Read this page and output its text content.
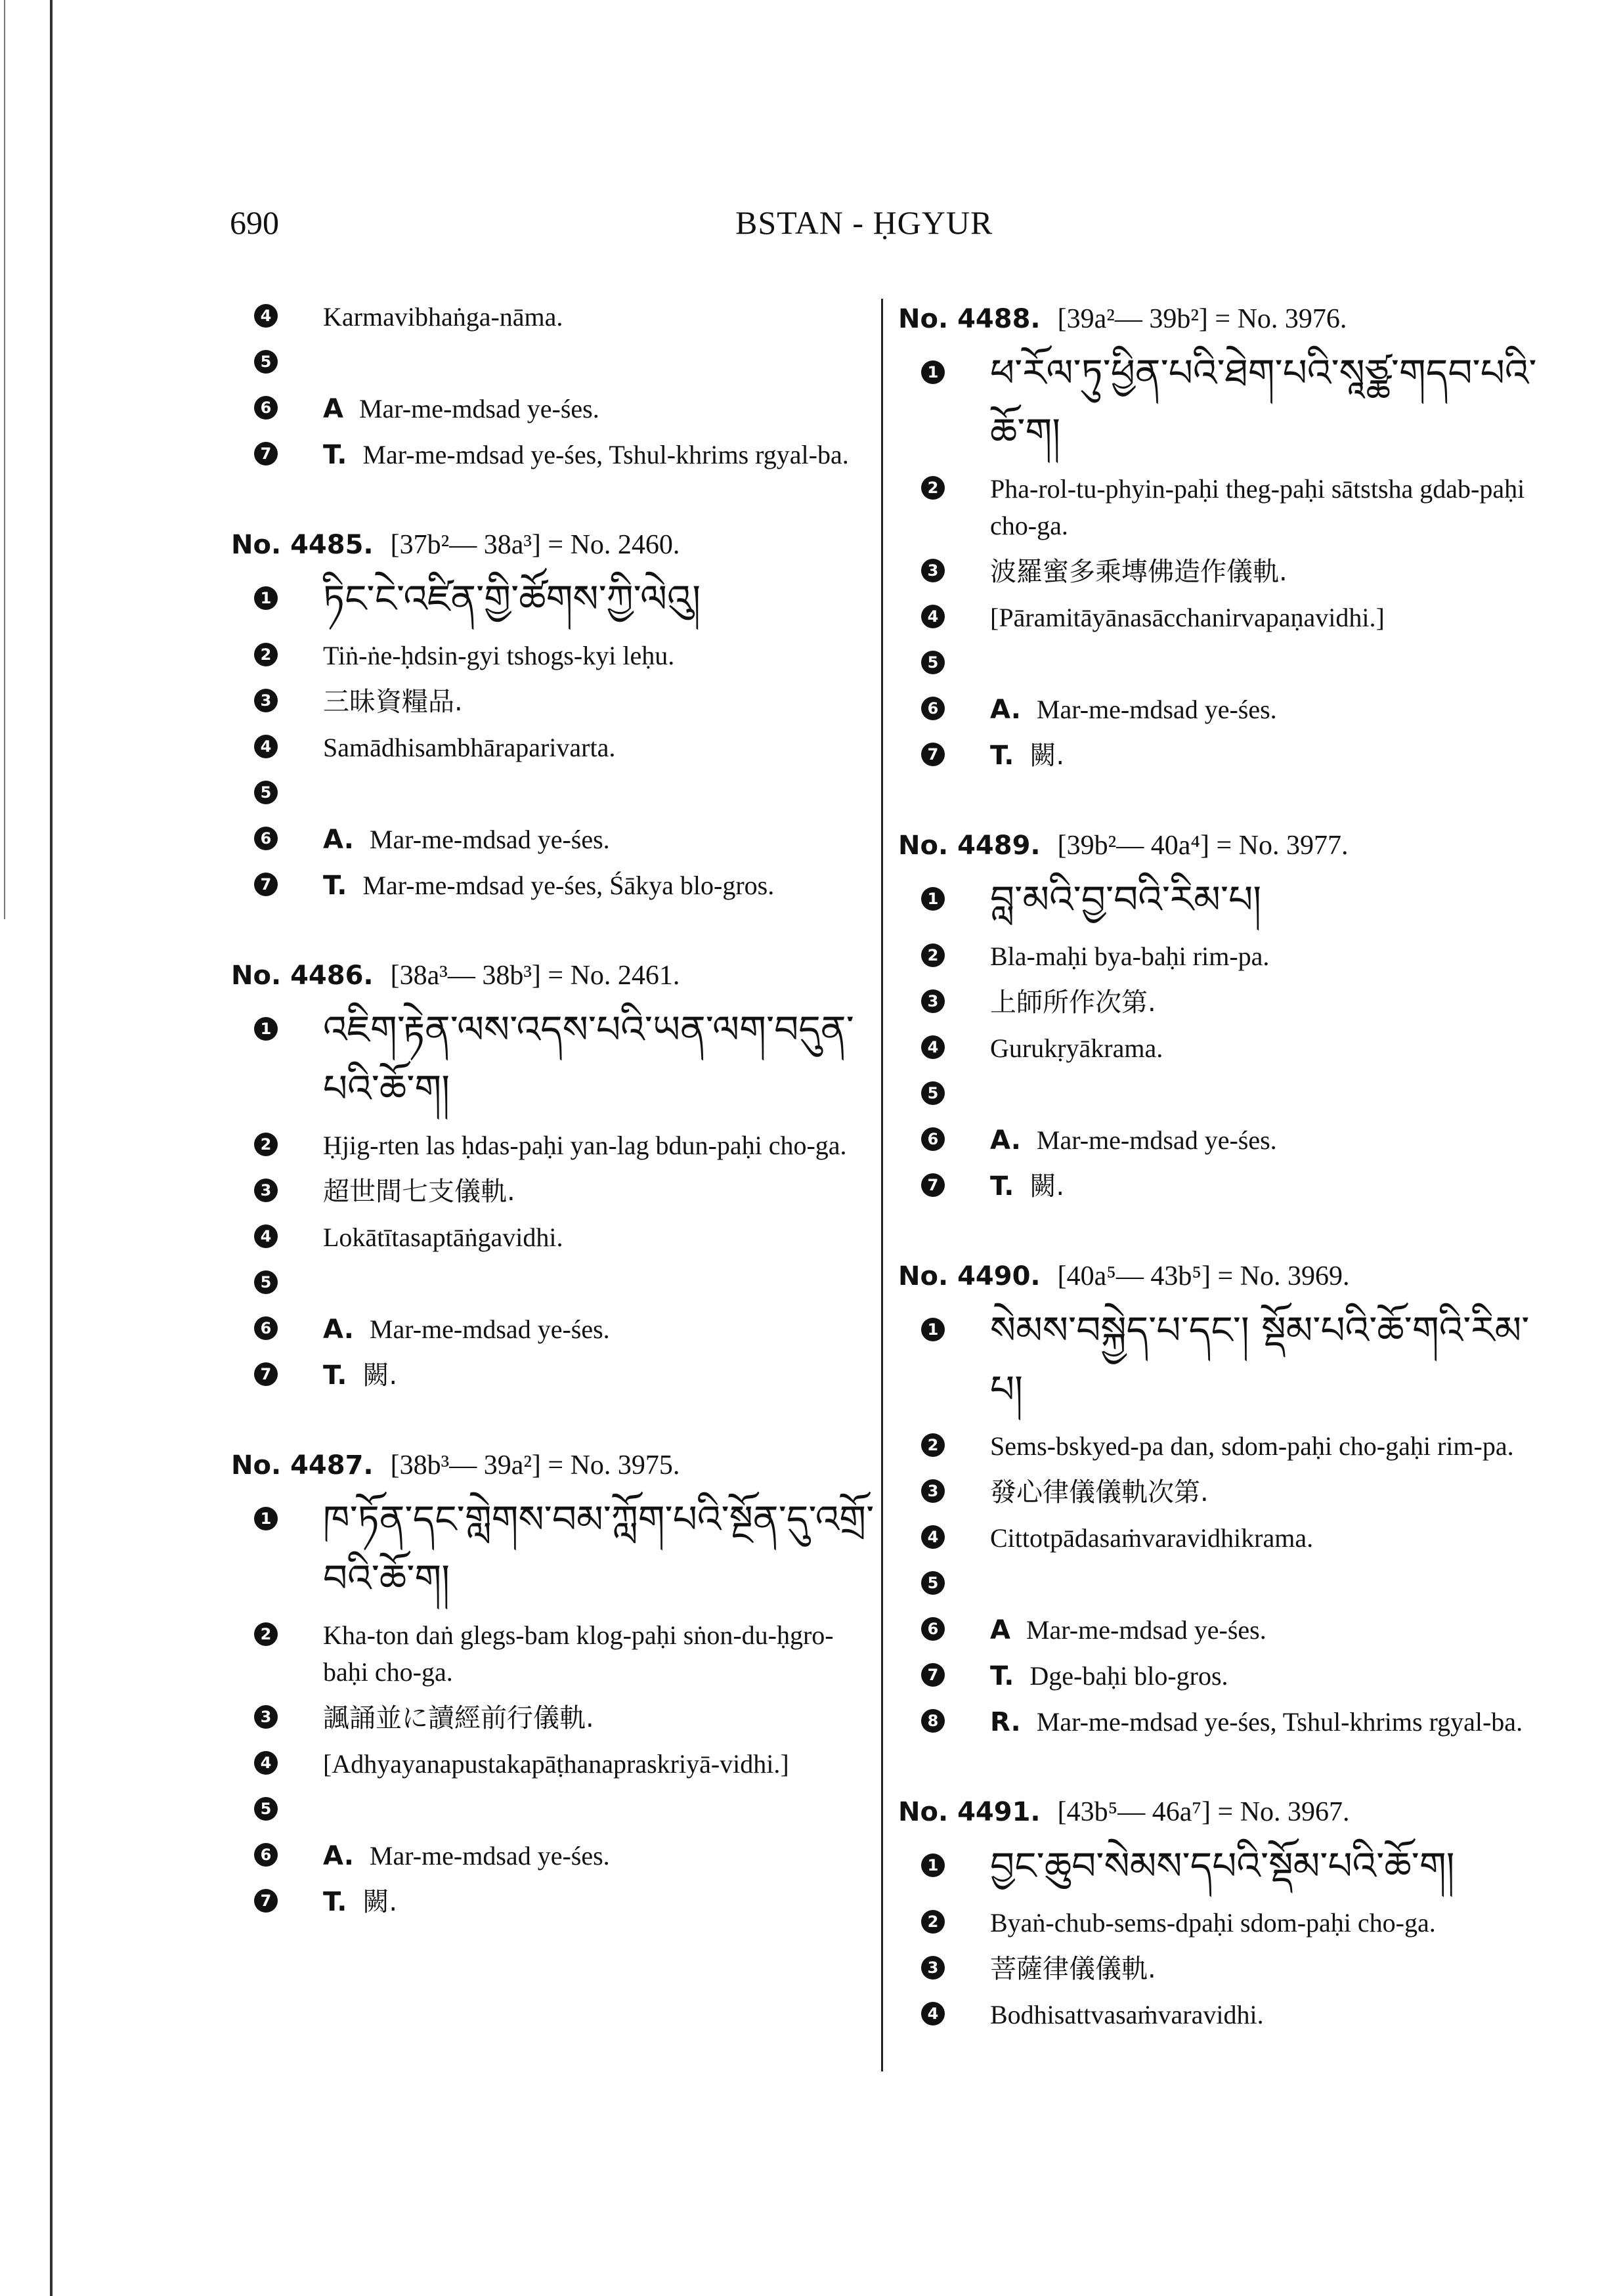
690	BSTAN - ḤGYUR
4 Karmavibhaṅga-nāma.
5
6 A Mar-me-mdsad ye-śes.
7 T. Mar-me-mdsad ye-śes, Tshul-khrims rgyal-ba.
No. 4485. [37b²— 38a³] = No. 2460.
1 ཏིང་ངེ་འཛིན་གྱི་ཚོགས་ཀྱི་ལེའུ།
2 Tiṅ-ṅe-ḥdsin-gyi tshogs-kyi leḥu.
3 三昧資糧品.
4 Samādhisambhāraparivarta.
5
6 A. Mar-me-mdsad ye-śes.
7 T. Mar-me-mdsad ye-śes, Śākya blo-gros.
No. 4486. [38a³— 38b³] = No. 2461.
1 འཇིག་རྟེན་ལས་འདས་པའི་ཡན་ལག་བདུན་པའི་ཆོ་ག།
2 Ḥjig-rten las ḥdas-paḥi yan-lag bdun-paḥi cho-ga.
3 超世間七支儀軌.
4 Lokātītasaptāṅgavidhi.
5
6 A. Mar-me-mdsad ye-śes.
7 T. 闕.
No. 4487. [38b³— 39a²] = No. 3975.
1 ཁ་ཏོན་དང་གླེགས་བམ་ཀློག་པའི་སྔོན་དུ་འགྲོ་བའི་ཆོ་ག།
2 Kha-ton daṅ glegs-bam klog-paḥi sṅon-du-ḥgro-baḥi cho-ga.
3 諷誦並に讀經前行儀軌.
4 [Adhyayanapustakapāṭhanapraskriyā-vidhi.]
5
6 A. Mar-me-mdsad ye-śes.
7 T. 闕.
No. 4488. [39a²— 39b²] = No. 3976.
1 ཕ་རོལ་ཏུ་ཕྱིན་པའི་ཐེག་པའི་སཱཙྪ་གདབ་པའི་ཆོ་ག།
2 Pha-rol-tu-phyin-paḥi theg-paḥi sātstsha gdab-paḥi cho-ga.
3 波羅蜜多乘塼佛造作儀軌.
4 [Pāramitāyānasācchanirvapaṇavidhi.]
5
6 A. Mar-me-mdsad ye-śes.
7 T. 闕.
No. 4489. [39b²— 40a⁴] = No. 3977.
1 བླ་མའི་བྱ་བའི་རིམ་པ།
2 Bla-maḥi bya-baḥi rim-pa.
3 上師所作次第.
4 Gurukṛyākrama.
5
6 A. Mar-me-mdsad ye-śes.
7 T. 闕.
No. 4490. [40a⁵— 43b⁵] = No. 3969.
1 སེམས་བསྐྱེད་པ་དང་། སྡོམ་པའི་ཆོ་གའི་རིམ་པ།
2 Sems-bskyed-pa dan, sdom-paḥi cho-gaḥi rim-pa.
3 發心律儀儀軌次第.
4 Cittotpādasaṁvaravidhikrama.
5
6 A Mar-me-mdsad ye-śes.
7 T. Dge-baḥi blo-gros.
8 R. Mar-me-mdsad ye-śes, Tshul-khrims rgyal-ba.
No. 4491. [43b⁵— 46a⁷] = No. 3967.
1 བྱང་ཆུབ་སེམས་དཔའི་སྡོམ་པའི་ཆོ་ག།
2 Byaṅ-chub-sems-dpaḥi sdom-paḥi cho-ga.
3 菩薩律儀儀軌.
4 Bodhisattvasaṁvaravidhi.
